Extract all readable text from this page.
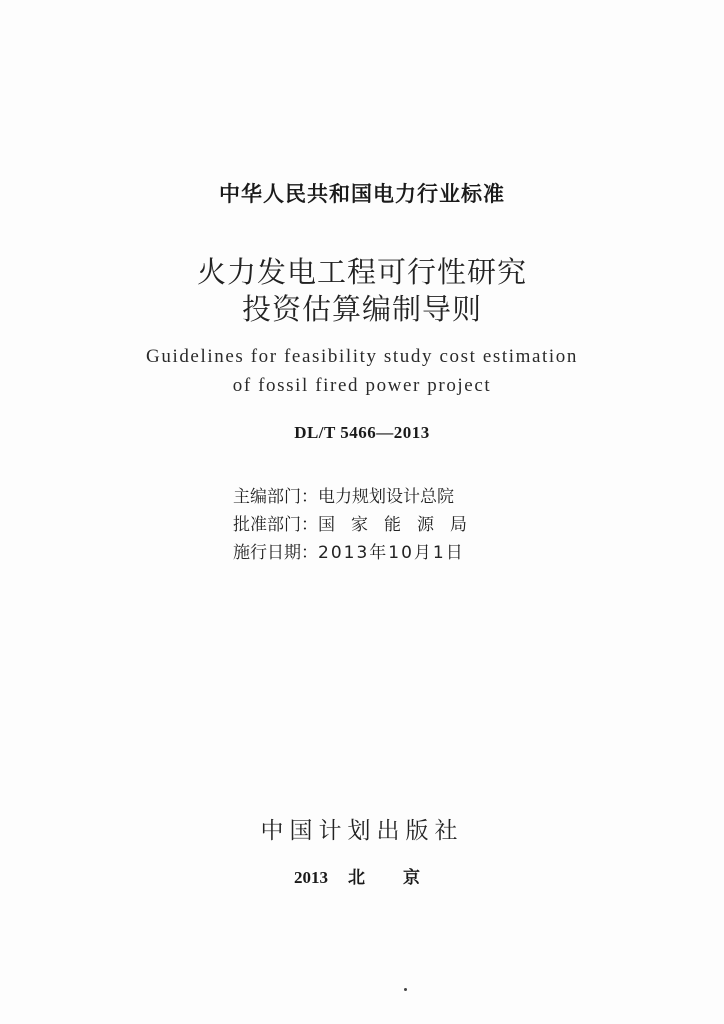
中华人民共和国电力行业标准
火力发电工程可行性研究
投资估算编制导则
Guidelines for feasibility study cost estimation
of fossil fired power project
DL/T 5466—2013
主编部门：电力规划设计总院
批准部门：国家能源局
施行日期：2013年10月1日
中国计划出版社
2013 北京
